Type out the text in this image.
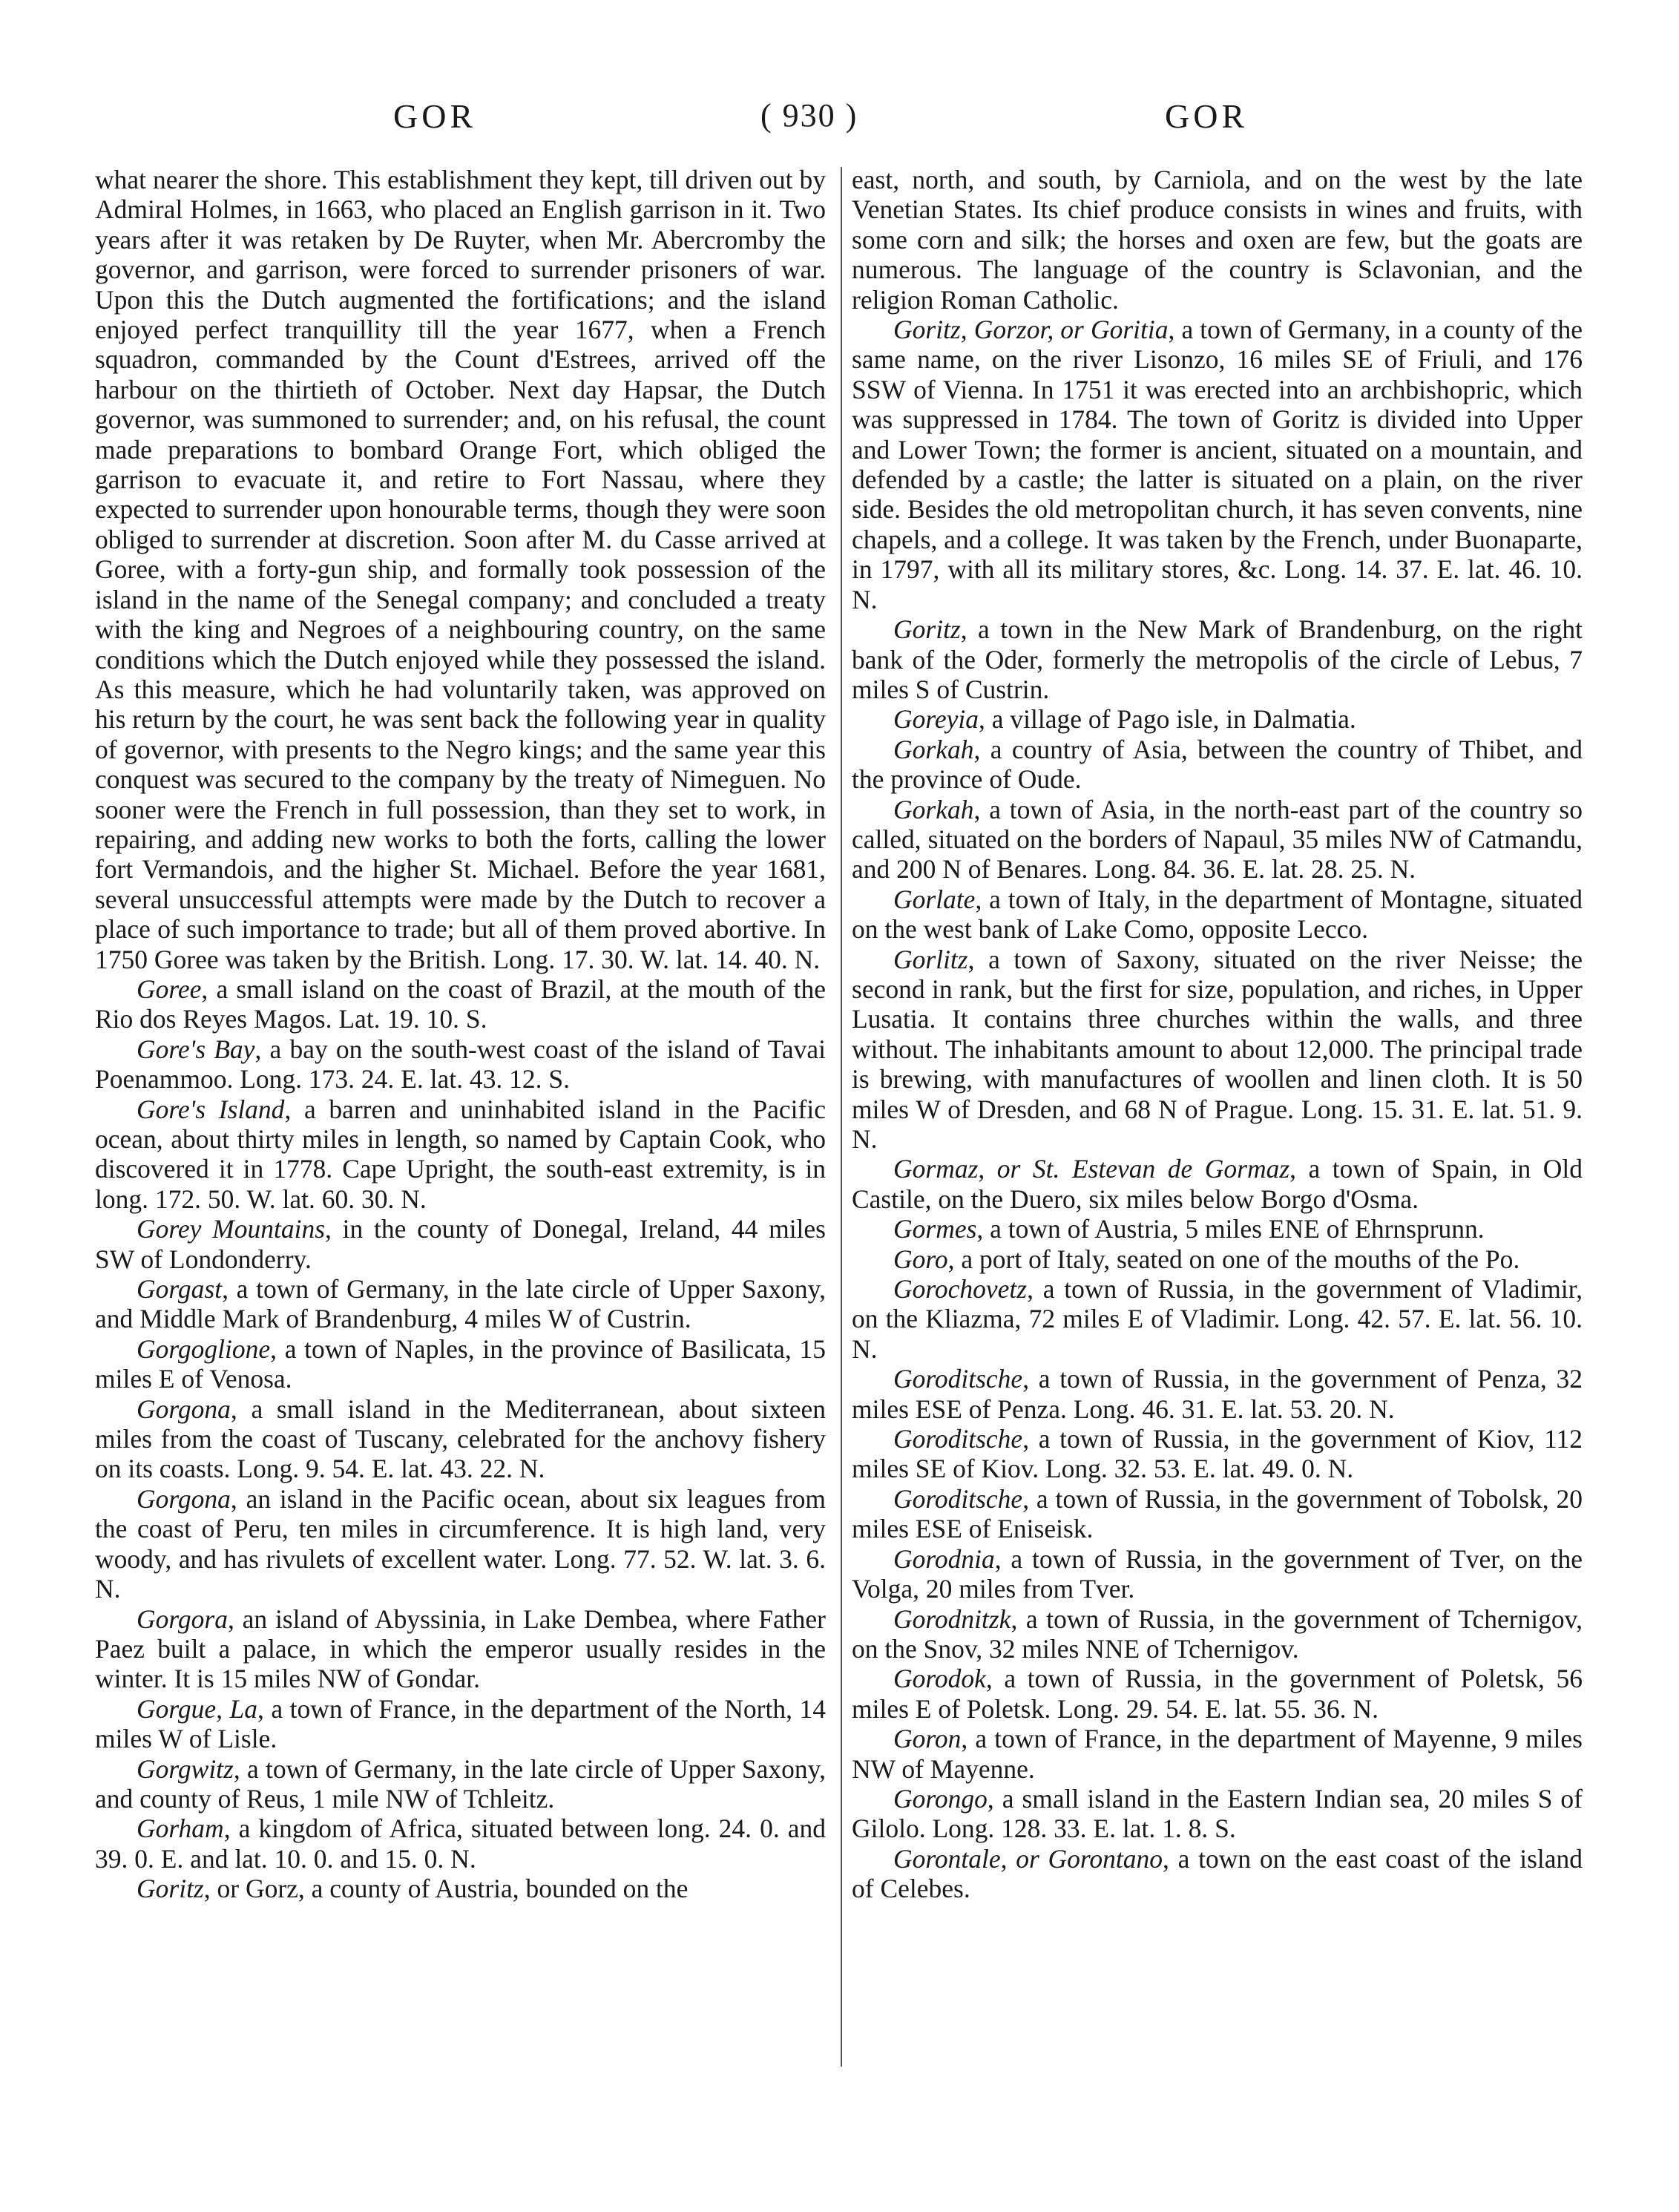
GOR	( 930 )	GOR

what nearer the shore. This establishment they kept, till driven out by Admiral Holmes, in 1663, who placed an English garrison in it. Two years after it was retaken by De Ruyter, when Mr. Abercromby the governor, and garrison, were forced to surrender prisoners of war. Upon this the Dutch augmented the fortifications; and the island enjoyed perfect tranquillity till the year 1677, when a French squadron, commanded by the Count d'Estrees, arrived off the harbour on the thirtieth of October. Next day Hapsar, the Dutch governor, was summoned to surrender; and, on his refusal, the count made preparations to bombard Orange Fort, which obliged the garrison to evacuate it, and retire to Fort Nassau, where they expected to surrender upon honourable terms, though they were soon obliged to surrender at discretion. Soon after M. du Casse arrived at Goree, with a forty-gun ship, and formally took possession of the island in the name of the Senegal company; and concluded a treaty with the king and Negroes of a neighbouring country, on the same conditions which the Dutch enjoyed while they possessed the island. As this measure, which he had voluntarily taken, was approved on his return by the court, he was sent back the following year in quality of governor, with presents to the Negro kings; and the same year this conquest was secured to the company by the treaty of Nimeguen. No sooner were the French in full possession, than they set to work, in repairing, and adding new works to both the forts, calling the lower fort Vermandois, and the higher St. Michael. Before the year 1681, several unsuccessful attempts were made by the Dutch to recover a place of such importance to trade; but all of them proved abortive. In 1750 Goree was taken by the British. Long. 17. 30. W. lat. 14. 40. N.

Goree, a small island on the coast of Brazil, at the mouth of the Rio dos Reyes Magos. Lat. 19. 10. S.

Gore's Bay, a bay on the south-west coast of the island of Tavai Poenammoo. Long. 173. 24. E. lat. 43. 12. S.

Gore's Island, a barren and uninhabited island in the Pacific ocean, about thirty miles in length, so named by Captain Cook, who discovered it in 1778. Cape Upright, the south-east extremity, is in long. 172. 50. W. lat. 60. 30. N.

Gorey Mountains, in the county of Donegal, Ireland, 44 miles SW of Londonderry.

Gorgast, a town of Germany, in the late circle of Upper Saxony, and Middle Mark of Brandenburg, 4 miles W of Custrin.

Gorgoglione, a town of Naples, in the province of Basilicata, 15 miles E of Venosa.

Gorgona, a small island in the Mediterranean, about sixteen miles from the coast of Tuscany, celebrated for the anchovy fishery on its coasts. Long. 9. 54. E. lat. 43. 22. N.

Gorgona, an island in the Pacific ocean, about six leagues from the coast of Peru, ten miles in circumference. It is high land, very woody, and has rivulets of excellent water. Long. 77. 52. W. lat. 3. 6. N.

Gorgora, an island of Abyssinia, in Lake Dembea, where Father Paez built a palace, in which the emperor usually resides in the winter. It is 15 miles NW of Gondar.

Gorgue, La, a town of France, in the department of the North, 14 miles W of Lisle.

Gorgwitz, a town of Germany, in the late circle of Upper Saxony, and county of Reus, 1 mile NW of Tchleitz.

Gorham, a kingdom of Africa, situated between long. 24. 0. and 39. 0. E. and lat. 10. 0. and 15. 0. N.

Goritz, or Gorz, a county of Austria, bounded on the

east, north, and south, by Carniola, and on the west by the late Venetian States. Its chief produce consists in wines and fruits, with some corn and silk; the horses and oxen are few, but the goats are numerous. The language of the country is Sclavonian, and the religion Roman Catholic.

Goritz, Gorzor, or Goritia, a town of Germany, in a county of the same name, on the river Lisonzo, 16 miles SE of Friuli, and 176 SSW of Vienna. In 1751 it was erected into an archbishopric, which was suppressed in 1784. The town of Goritz is divided into Upper and Lower Town; the former is ancient, situated on a mountain, and defended by a castle; the latter is situated on a plain, on the river side. Besides the old metropolitan church, it has seven convents, nine chapels, and a college. It was taken by the French, under Buonaparte, in 1797, with all its military stores, &c. Long. 14. 37. E. lat. 46. 10. N.

Goritz, a town in the New Mark of Brandenburg, on the right bank of the Oder, formerly the metropolis of the circle of Lebus, 7 miles S of Custrin.

Goreyia, a village of Pago isle, in Dalmatia.

Gorkah, a country of Asia, between the country of Thibet, and the province of Oude.

Gorkah, a town of Asia, in the north-east part of the country so called, situated on the borders of Napaul, 35 miles NW of Catmandu, and 200 N of Benares. Long. 84. 36. E. lat. 28. 25. N.

Gorlate, a town of Italy, in the department of Montagne, situated on the west bank of Lake Como, opposite Lecco.

Gorlitz, a town of Saxony, situated on the river Neisse; the second in rank, but the first for size, population, and riches, in Upper Lusatia. It contains three churches within the walls, and three without. The inhabitants amount to about 12,000. The principal trade is brewing, with manufactures of woollen and linen cloth. It is 50 miles W of Dresden, and 68 N of Prague. Long. 15. 31. E. lat. 51. 9. N.

Gormaz, or St. Estevan de Gormaz, a town of Spain, in Old Castile, on the Duero, six miles below Borgo d'Osma.

Gormes, a town of Austria, 5 miles ENE of Ehrnsprunn.

Goro, a port of Italy, seated on one of the mouths of the Po.

Gorochovetz, a town of Russia, in the government of Vladimir, on the Kliazma, 72 miles E of Vladimir. Long. 42. 57. E. lat. 56. 10. N.

Goroditsche, a town of Russia, in the government of Penza, 32 miles ESE of Penza. Long. 46. 31. E. lat. 53. 20. N.

Goroditsche, a town of Russia, in the government of Kiov, 112 miles SE of Kiov. Long. 32. 53. E. lat. 49. 0. N.

Goroditsche, a town of Russia, in the government of Tobolsk, 20 miles ESE of Eniseisk.

Gorodnia, a town of Russia, in the government of Tver, on the Volga, 20 miles from Tver.

Gorodnitzk, a town of Russia, in the government of Tchernigov, on the Snov, 32 miles NNE of Tchernigov.

Gorodok, a town of Russia, in the government of Poletsk, 56 miles E of Poletsk. Long. 29. 54. E. lat. 55. 36. N.

Goron, a town of France, in the department of Mayenne, 9 miles NW of Mayenne.

Gorongo, a small island in the Eastern Indian sea, 20 miles S of Gilolo. Long. 128. 33. E. lat. 1. 8. S.

Gorontale, or Gorontano, a town on the east coast of the island of Celebes.
